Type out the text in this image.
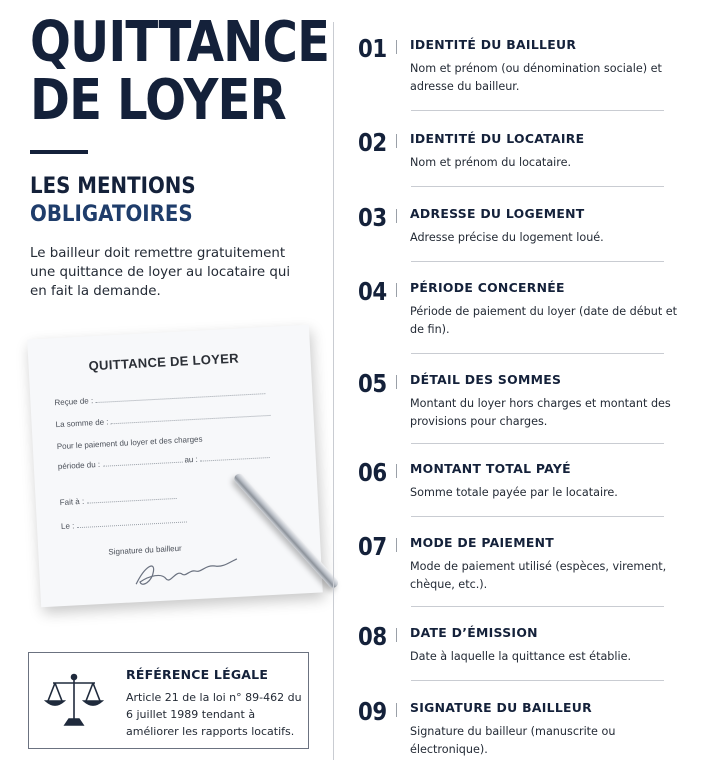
QUITTANCE
DE LOYER
LES MENTIONS
OBLIGATOIRES

Le bailleur doit remettre gratuitement une quittance de loyer au locataire qui en fait la demande.

QUITTANCE DE LOYER
Reçue de :
La somme de :
Pour le paiement du loyer et des charges
période du :  au :
Fait à :
Le :
Signature du bailleur
RÉFÉRENCE LÉGALE

Article 21 de la loi n° 89-462 du 6 juillet 1989 tendant à améliorer les rapports locatifs.

01 IDENTITÉ DU BAILLEUR

Nom et prénom (ou dénomination sociale) et adresse du bailleur.

02 IDENTITÉ DU LOCATAIRE

Nom et prénom du locataire.

03 ADRESSE DU LOGEMENT

Adresse précise du logement loué.

04 PÉRIODE CONCERNÉE

Période de paiement du loyer (date de début et de fin).

05 DÉTAIL DES SOMMES

Montant du loyer hors charges et montant des provisions pour charges.

06 MONTANT TOTAL PAYÉ

Somme totale payée par le locataire.

07 MODE DE PAIEMENT

Mode de paiement utilisé (espèces, virement, chèque, etc.).

08 DATE D’ÉMISSION

Date à laquelle la quittance est établie.

09 SIGNATURE DU BAILLEUR

Signature du bailleur (manuscrite ou électronique).
